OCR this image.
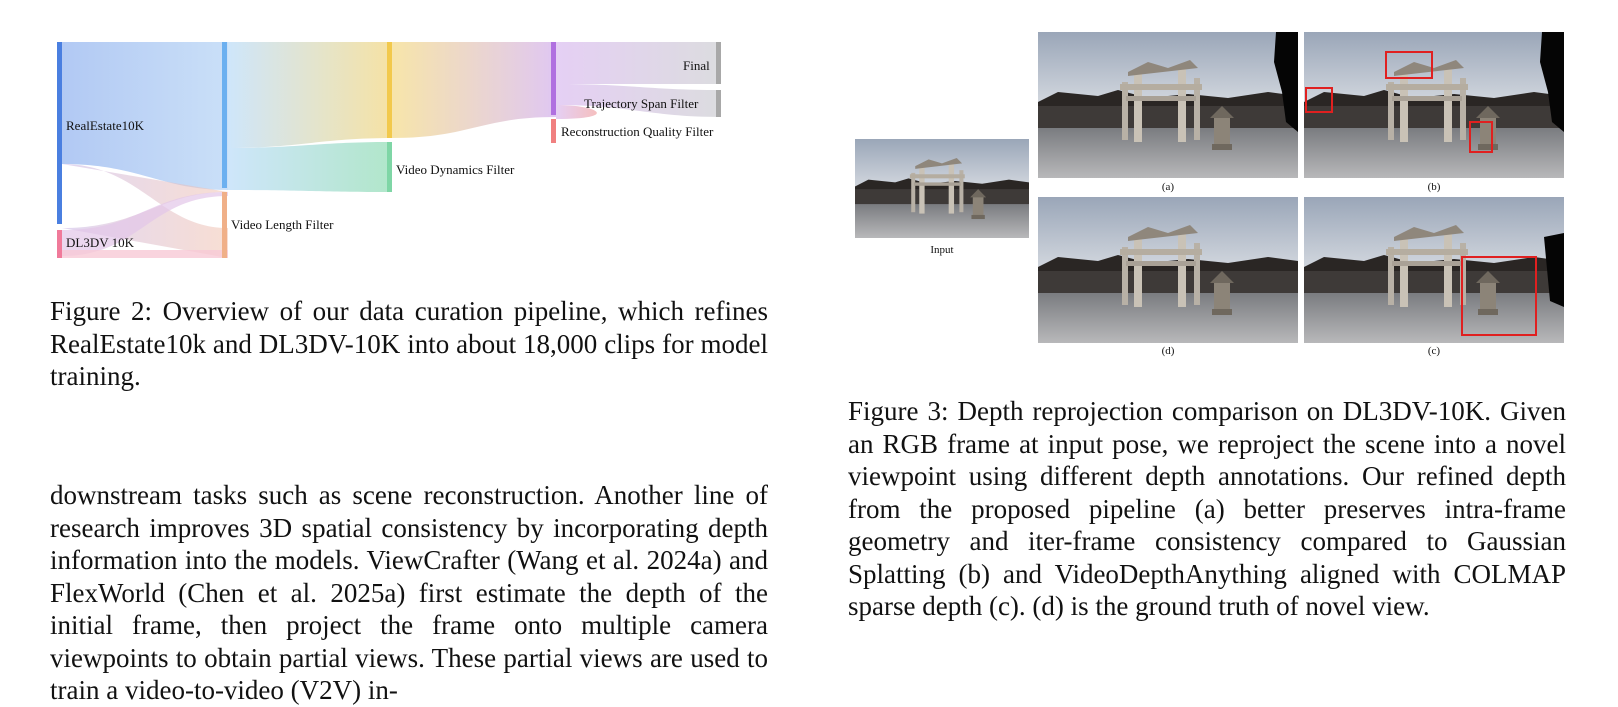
RealEstate10K
DL3DV 10K
Video Length Filter
Video Dynamics Filter
Reconstruction Quality Filter
Trajectory Span Filter
Final
Figure 2: Overview of our data curation pipeline, which refines RealEstate10k and DL3DV-10K into about 18,000 clips for model training.
Input
(a)	(b)
(d)	(c)
Figure 3: Depth reprojection comparison on DL3DV-10K. Given an RGB frame at input pose, we reproject the scene into a novel viewpoint using different depth annotations. Our refined depth from the proposed pipeline (a) better preserves intra-frame geometry and iter-frame consistency compared to Gaussian Splatting (b) and VideoDepthAnything aligned with COLMAP sparse depth (c). (d) is the ground truth of novel view.

downstream tasks such as scene reconstruction. Another line of research improves 3D spatial consistency by incorporating depth information into the models. ViewCrafter (Wang et al. 2024a) and FlexWorld (Chen et al. 2025a) first estimate the depth of the initial frame, then project the frame onto multiple camera viewpoints to obtain partial views. These partial views are used to train a video-to-video (V2V) in-
